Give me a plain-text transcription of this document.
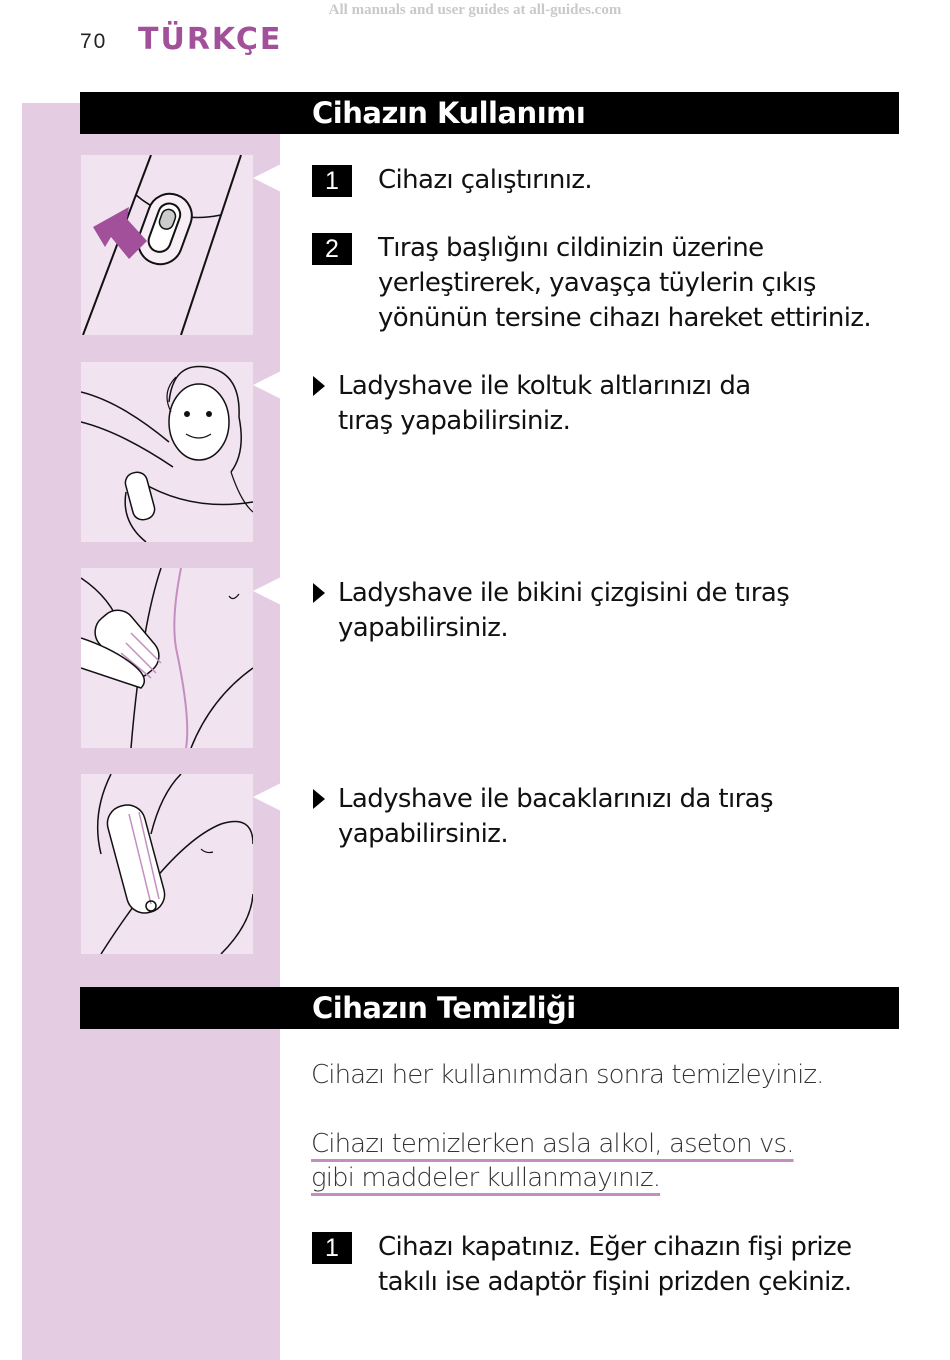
All manuals and user guides at all-guides.com
70 TÜRKÇE
Cihazın Kullanımı
1	Cihazı çalıştırınız.
2	Tıraş başlığını cildinizin üzerine yerleştirerek, yavaşça tüylerin çıkış yönünün tersine cihazı hareket ettiriniz.
Ladyshave ile koltuk altlarınızı da tıraş yapabilirsiniz.
Ladyshave ile bikini çizgisini de tıraş yapabilirsiniz.
Ladyshave ile bacaklarınızı da tıraş yapabilirsiniz.
Cihazın Temizliği
Cihazı her kullanımdan sonra temizleyiniz.
Cihazı temizlerken asla alkol, aseton vs. gibi maddeler kullanmayınız.
1	Cihazı kapatınız. Eğer cihazın fişi prize takılı ise adaptör fişini prizden çekiniz.
